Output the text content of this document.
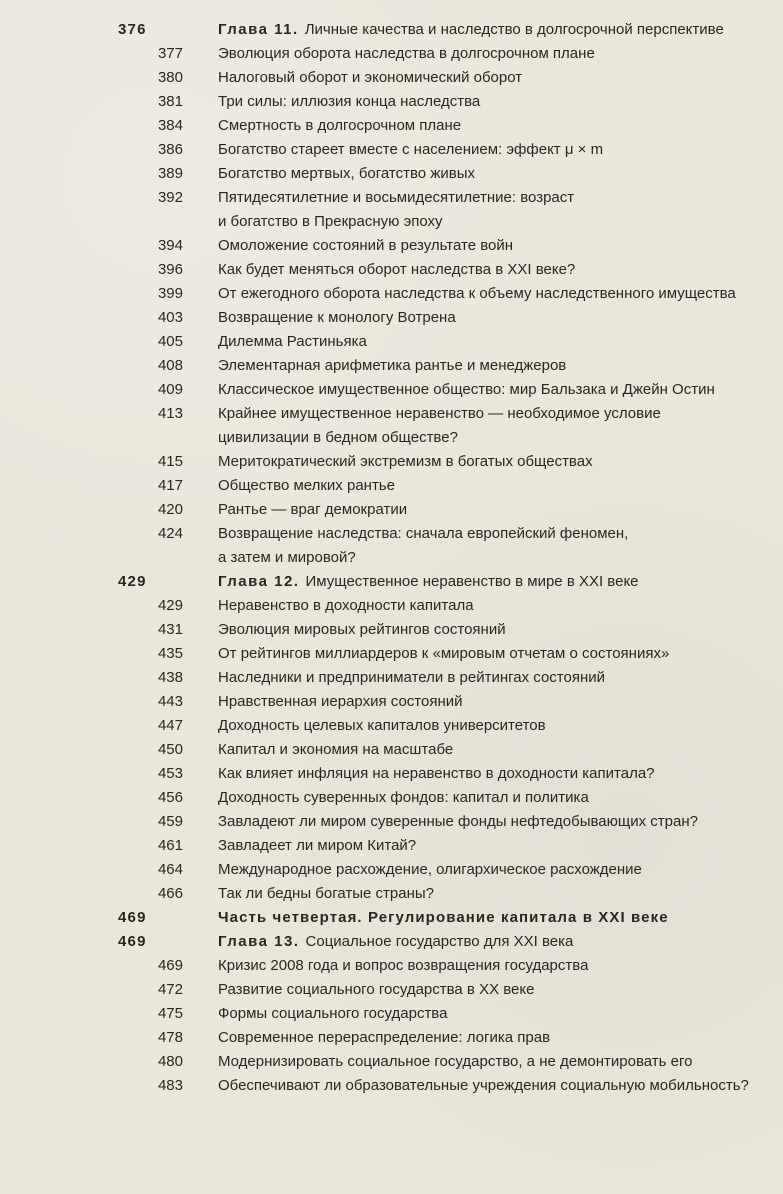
376	Глава 11. Личные качества и наследство в долгосрочной перспективе
377 Эволюция оборота наследства в долгосрочном плане
380 Налоговый оборот и экономический оборот
381 Три силы: иллюзия конца наследства
384 Смертность в долгосрочном плане
386 Богатство стареет вместе с населением: эффект μ × m
389 Богатство мертвых, богатство живых
392 Пятидесятилетние и восьмидесятилетние: возраст
и богатство в Прекрасную эпоху
394 Омоложение состояний в результате войн
396 Как будет меняться оборот наследства в XXI веке?
399 От ежегодного оборота наследства к объему наследственного имущества
403 Возвращение к монологу Вотрена
405 Дилемма Растиньяка
408 Элементарная арифметика рантье и менеджеров
409 Классическое имущественное общество: мир Бальзака и Джейн Остин
413 Крайнее имущественное неравенство — необходимое условие
цивилизации в бедном обществе?
415 Меритократический экстремизм в богатых обществах
417 Общество мелких рантье
420 Рантье — враг демократии
424 Возвращение наследства: сначала европейский феномен,
а затем и мировой?
429	Глава 12. Имущественное неравенство в мире в XXI веке
429 Неравенство в доходности капитала
431 Эволюция мировых рейтингов состояний
435 От рейтингов миллиардеров к «мировым отчетам о состояниях»
438 Наследники и предприниматели в рейтингах состояний
443 Нравственная иерархия состояний
447 Доходность целевых капиталов университетов
450 Капитал и экономия на масштабе
453 Как влияет инфляция на неравенство в доходности капитала?
456 Доходность суверенных фондов: капитал и политика
459 Завладеют ли миром суверенные фонды нефтедобывающих стран?
461 Завладеет ли миром Китай?
464 Международное расхождение, олигархическое расхождение
466 Так ли бедны богатые страны?
469	Часть четвертая. Регулирование капитала в XXI веке
469	Глава 13. Социальное государство для XXI века
469 Кризис 2008 года и вопрос возвращения государства
472 Развитие социального государства в XX веке
475 Формы социального государства
478 Современное перераспределение: логика прав
480 Модернизировать социальное государство, а не демонтировать его
483 Обеспечивают ли образовательные учреждения социальную мобильность?
